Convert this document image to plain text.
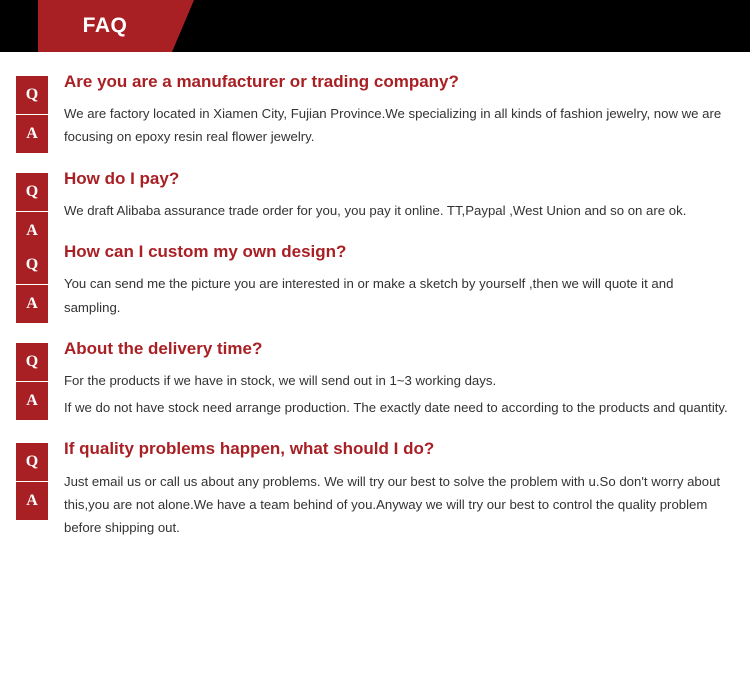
FAQ
Q
A
Are you are a manufacturer or trading company?

We are factory located in Xiamen City, Fujian Province.We specializing in all kinds of fashion jewelry, now we are focusing on epoxy resin real flower jewelry.

Q
A
How do I pay?

We draft Alibaba assurance trade order for you, you pay it online. TT,Paypal ,West Union and so on are ok.

Q
A
How can I custom my own design?

You can send me the picture you are interested in or make a sketch by yourself ,then we will quote it and sampling.

Q
A
About the delivery time?

For the products if we have in stock, we will send out in 1~3 working days.

If we do not have stock need arrange production. The exactly date need to according to the products and quantity.

Q
A
If quality problems happen, what should I do?

Just email us or call us about any problems. We will try our best to solve the problem with u.So don't worry about this,you are not alone.We have a team behind of you.Anyway we will try our best to control the quality problem before shipping out.
